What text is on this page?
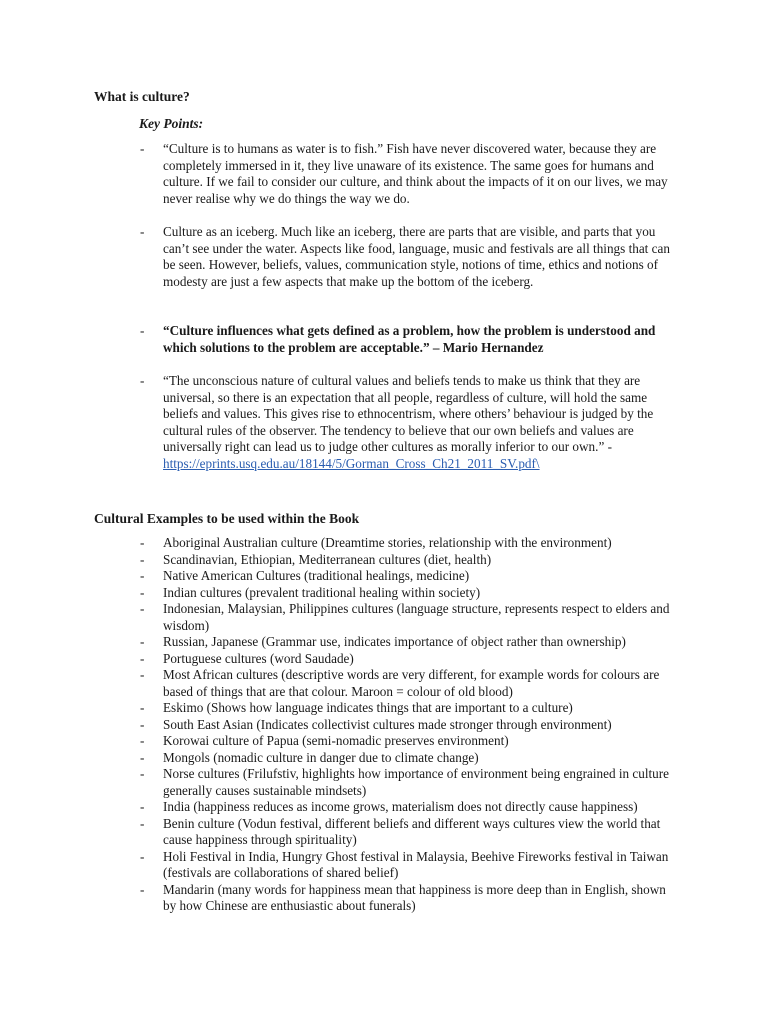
What is culture?
Key Points:
- “Culture is to humans as water is to fish.” Fish have never discovered water, because they are completely immersed in it, they live unaware of its existence. The same goes for humans and culture. If we fail to consider our culture, and think about the impacts of it on our lives, we may never realise why we do things the way we do.
- Culture as an iceberg. Much like an iceberg, there are parts that are visible, and parts that you can’t see under the water. Aspects like food, language, music and festivals are all things that can be seen. However, beliefs, values, communication style, notions of time, ethics and notions of modesty are just a few aspects that make up the bottom of the iceberg.
- “Culture influences what gets defined as a problem, how the problem is understood and which solutions to the problem are acceptable.” – Mario Hernandez
- “The unconscious nature of cultural values and beliefs tends to make us think that they are universal, so there is an expectation that all people, regardless of culture, will hold the same beliefs and values. This gives rise to ethnocentrism, where others’ behaviour is judged by the cultural rules of the observer. The tendency to believe that our own beliefs and values are universally right can lead us to judge other cultures as morally inferior to our own.” - https://eprints.usq.edu.au/18144/5/Gorman_Cross_Ch21_2011_SV.pdf\
Cultural Examples to be used within the Book
- Aboriginal Australian culture (Dreamtime stories, relationship with the environment)
- Scandinavian, Ethiopian, Mediterranean cultures (diet, health)
- Native American Cultures (traditional healings, medicine)
- Indian cultures (prevalent traditional healing within society)
- Indonesian, Malaysian, Philippines cultures (language structure, represents respect to elders and wisdom)
- Russian, Japanese (Grammar use, indicates importance of object rather than ownership)
- Portuguese cultures (word Saudade)
- Most African cultures (descriptive words are very different, for example words for colours are based of things that are that colour. Maroon = colour of old blood)
- Eskimo (Shows how language indicates things that are important to a culture)
- South East Asian (Indicates collectivist cultures made stronger through environment)
- Korowai culture of Papua (semi-nomadic preserves environment)
- Mongols (nomadic culture in danger due to climate change)
- Norse cultures (Frilufstiv, highlights how importance of environment being engrained in culture generally causes sustainable mindsets)
- India (happiness reduces as income grows, materialism does not directly cause happiness)
- Benin culture (Vodun festival, different beliefs and different ways cultures view the world that cause happiness through spirituality)
- Holi Festival in India, Hungry Ghost festival in Malaysia, Beehive Fireworks festival in Taiwan (festivals are collaborations of shared belief)
- Mandarin (many words for happiness mean that happiness is more deep than in English, shown by how Chinese are enthusiastic about funerals)
